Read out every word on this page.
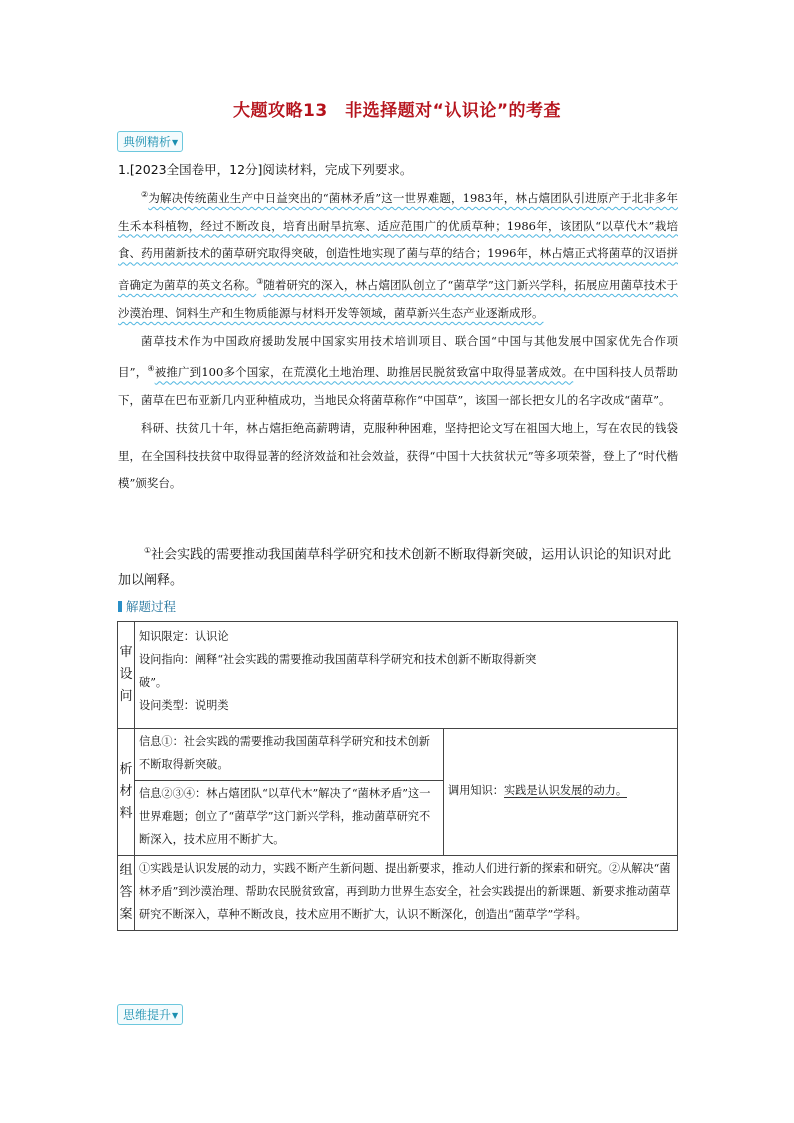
大题攻略13　非选择题对“认识论”的考查
典例精析▼
1.[2023全国卷甲，12分]阅读材料，完成下列要求。

②为解决传统菌业生产中日益突出的“菌林矛盾”这一世界难题，1983年，林占熺团队引进原产于北非多年生禾本科植物，经过不断改良，培育出耐旱抗寒、适应范围广的优质草种；1986年，该团队“以草代木”栽培食、药用菌新技术的菌草研究取得突破，创造性地实现了菌与草的结合；1996年，林占熺正式将菌草的汉语拼音确定为菌草的英文名称。③随着研究的深入，林占熺团队创立了“菌草学”这门新兴学科，拓展应用菌草技术于沙漠治理、饲料生产和生物质能源与材料开发等领域，菌草新兴生态产业逐渐成形。

菌草技术作为中国政府援助发展中国家实用技术培训项目、联合国“中国与其他发展中国家优先合作项目”，④被推广到100多个国家，在荒漠化土地治理、助推居民脱贫致富中取得显著成效。在中国科技人员帮助下，菌草在巴布亚新几内亚种植成功，当地民众将菌草称作“中国草”，该国一部长把女儿的名字改成“菌草”。

科研、扶贫几十年，林占熺拒绝高薪聘请，克服种种困难，坚持把论文写在祖国大地上，写在农民的钱袋里，在全国科技扶贫中取得显著的经济效益和社会效益，获得“中国十大扶贫状元”等多项荣誉，登上了“时代楷模”颁奖台。

①社会实践的需要推动我国菌草科学研究和技术创新不断取得新突破，运用认识论的知识对此加以阐释。

解题过程
审
设
问	知识限定：认识论
设问指向：阐释“社会实践的需要推动我国菌草科学研究和技术创新不断取得新突
破”。
设问类型：说明类	

析
材
料	信息①：社会实践的需要推动我国菌草科学研究和技术创新不断取得新突破。	调用知识：实践是认识发展的动力。
	信息②③④：林占熺团队“以草代木”解决了“菌林矛盾”这一世界难题；创立了“菌草学”这门新兴学科，推动菌草研究不断深入，技术应用不断扩大。	

组
答
案	①实践是认识发展的动力，实践不断产生新问题、提出新要求，推动人们进行新的探索和研究。②从解决“菌林矛盾”到沙漠治理、帮助农民脱贫致富，再到助力世界生态安全，社会实践提出的新课题、新要求推动菌草研究不断深入，草种不断改良，技术应用不断扩大，认识不断深化，创造出“菌草学”学科。	
思维提升▼
